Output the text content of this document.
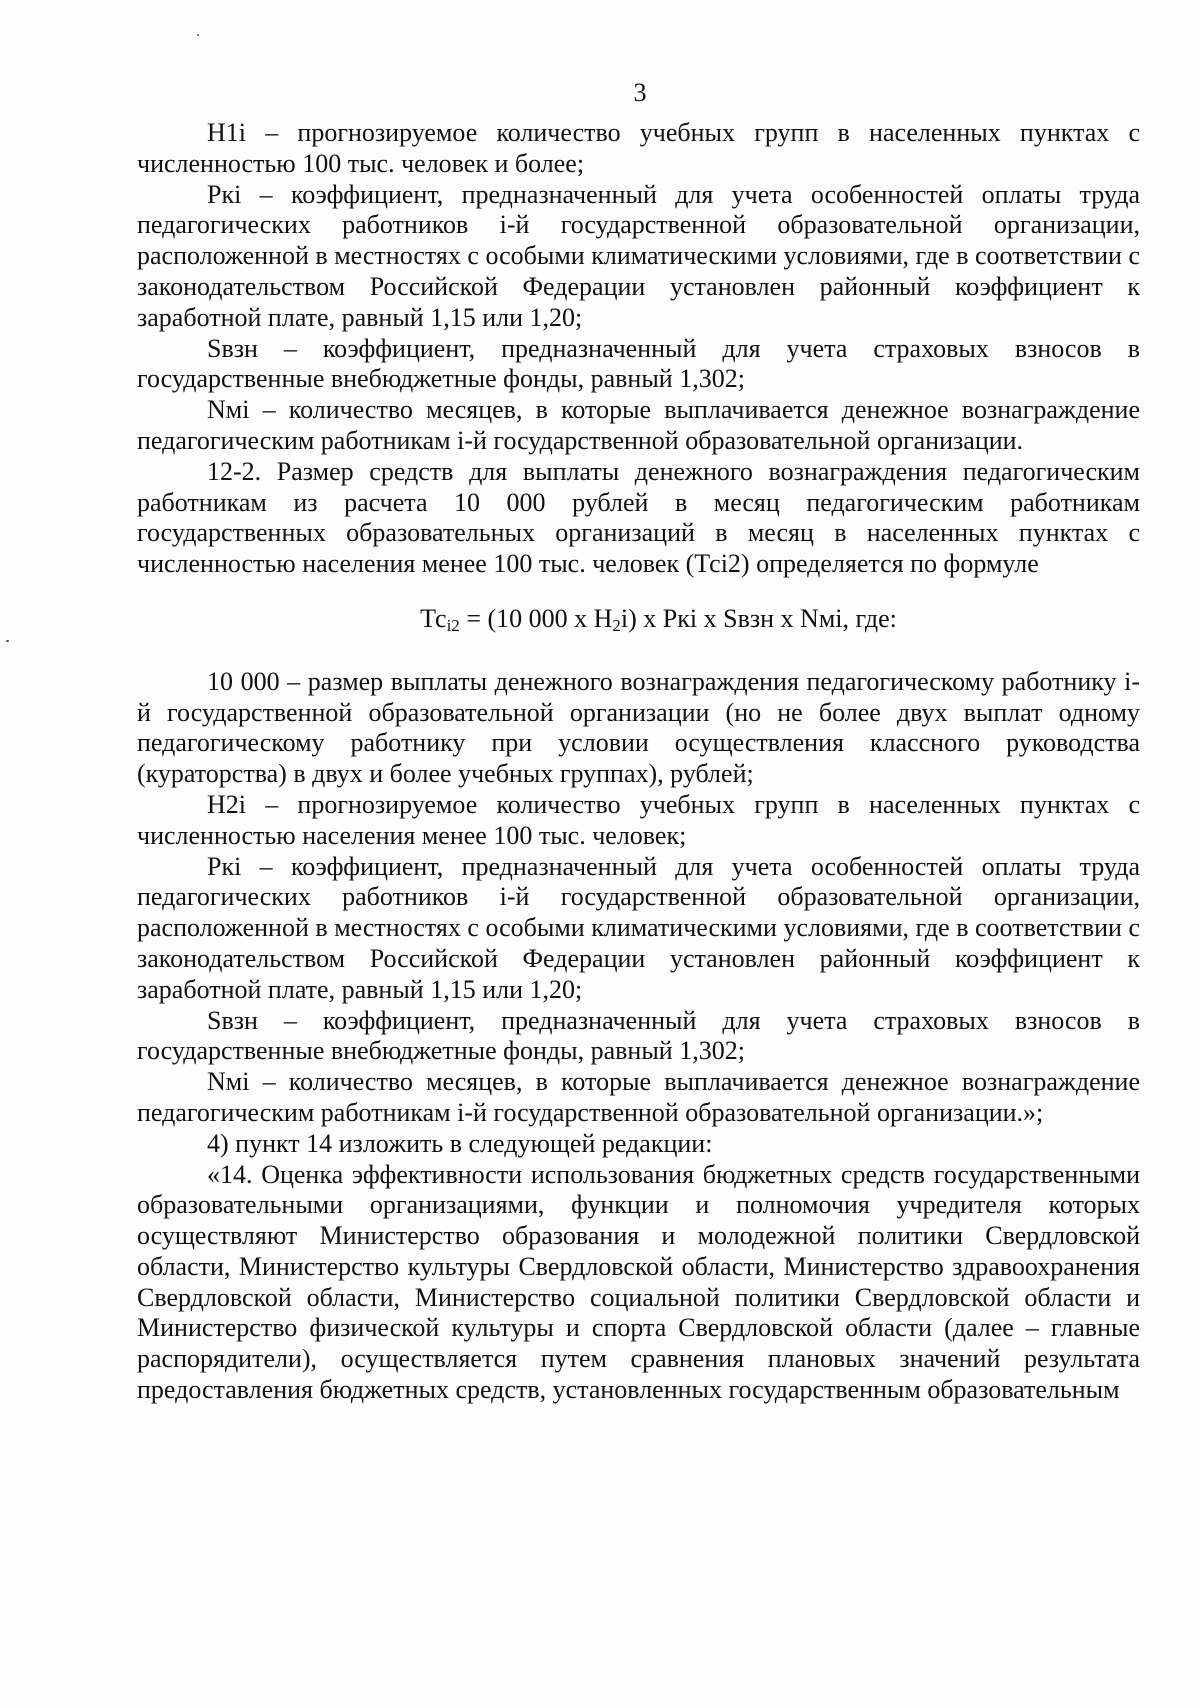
3

Н1i – прогнозируемое количество учебных групп в населенных пунктах с численностью 100 тыс. человек и более;

Ркi – коэффициент, предназначенный для учета особенностей оплаты труда педагогических работников i-й государственной образовательной организации, расположенной в местностях с особыми климатическими условиями, где в соответствии с законодательством Российской Федерации установлен районный коэффициент к заработной плате, равный 1,15 или 1,20;

Sвзн – коэффициент, предназначенный для учета страховых взносов в государственные внебюджетные фонды, равный 1,302;

Nмi – количество месяцев, в которые выплачивается денежное вознаграждение педагогическим работникам i-й государственной образовательной организации.

12-2. Размер средств для выплаты денежного вознаграждения педагогическим работникам из расчета 10 000 рублей в месяц педагогическим работникам государственных образовательных организаций в месяц в населенных пунктах с численностью населения менее 100 тыс. человек (Тсi2) определяется по формуле

$Тс_{i2} = (10$ 000 х $Н_2i$) х Ркi х Sвзн х Nмi, где:

10 000 – размер выплаты денежного вознаграждения педагогическому работнику i-й государственной образовательной организации (но не более двух выплат одному педагогическому работнику при условии осуществления классного руководства (кураторства) в двух и более учебных группах), рублей;

Н2i – прогнозируемое количество учебных групп в населенных пунктах с численностью населения менее 100 тыс. человек;

Ркi – коэффициент, предназначенный для учета особенностей оплаты труда педагогических работников i-й государственной образовательной организации, расположенной в местностях с особыми климатическими условиями, где в соответствии с законодательством Российской Федерации установлен районный коэффициент к заработной плате, равный 1,15 или 1,20;

Sвзн – коэффициент, предназначенный для учета страховых взносов в государственные внебюджетные фонды, равный 1,302;

Nмi – количество месяцев, в которые выплачивается денежное вознаграждение педагогическим работникам i-й государственной образовательной организации.»;

4) пункт 14 изложить в следующей редакции:

«14. Оценка эффективности использования бюджетных средств государственными образовательными организациями, функции и полномочия учредителя которых осуществляют Министерство образования и молодежной политики Свердловской области, Министерство культуры Свердловской области, Министерство здравоохранения Свердловской области, Министерство социальной политики Свердловской области и Министерство физической культуры и спорта Свердловской области (далее – главные распорядители), осуществляется путем сравнения плановых значений результата предоставления бюджетных средств, установленных государственным образовательным
